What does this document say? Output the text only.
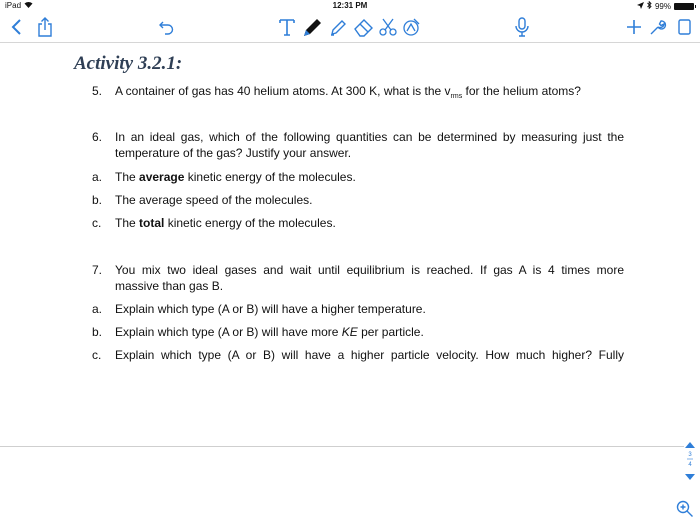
iPad	12:31 PM	99%
Activity 3.2.1:
5.	A container of gas has 40 helium atoms. At 300 K, what is the $v_{rms}$ for the helium atoms?
6.	In an ideal gas, which of the following quantities can be determined by measuring just the
temperature of the gas? Justify your answer.
a.	The average kinetic energy of the molecules.
b.	The average speed of the molecules.
c.	The total kinetic energy of the molecules.
7.	You mix two ideal gases and wait until equilibrium is reached. If gas A is 4 times more
massive than gas B.
a.	Explain which type (A or B) will have a higher temperature.
b.	Explain which type (A or B) will have more KE per particle.
c.	Explain which type (A or B) will have a higher particle velocity. How much higher? Fully
3
4
